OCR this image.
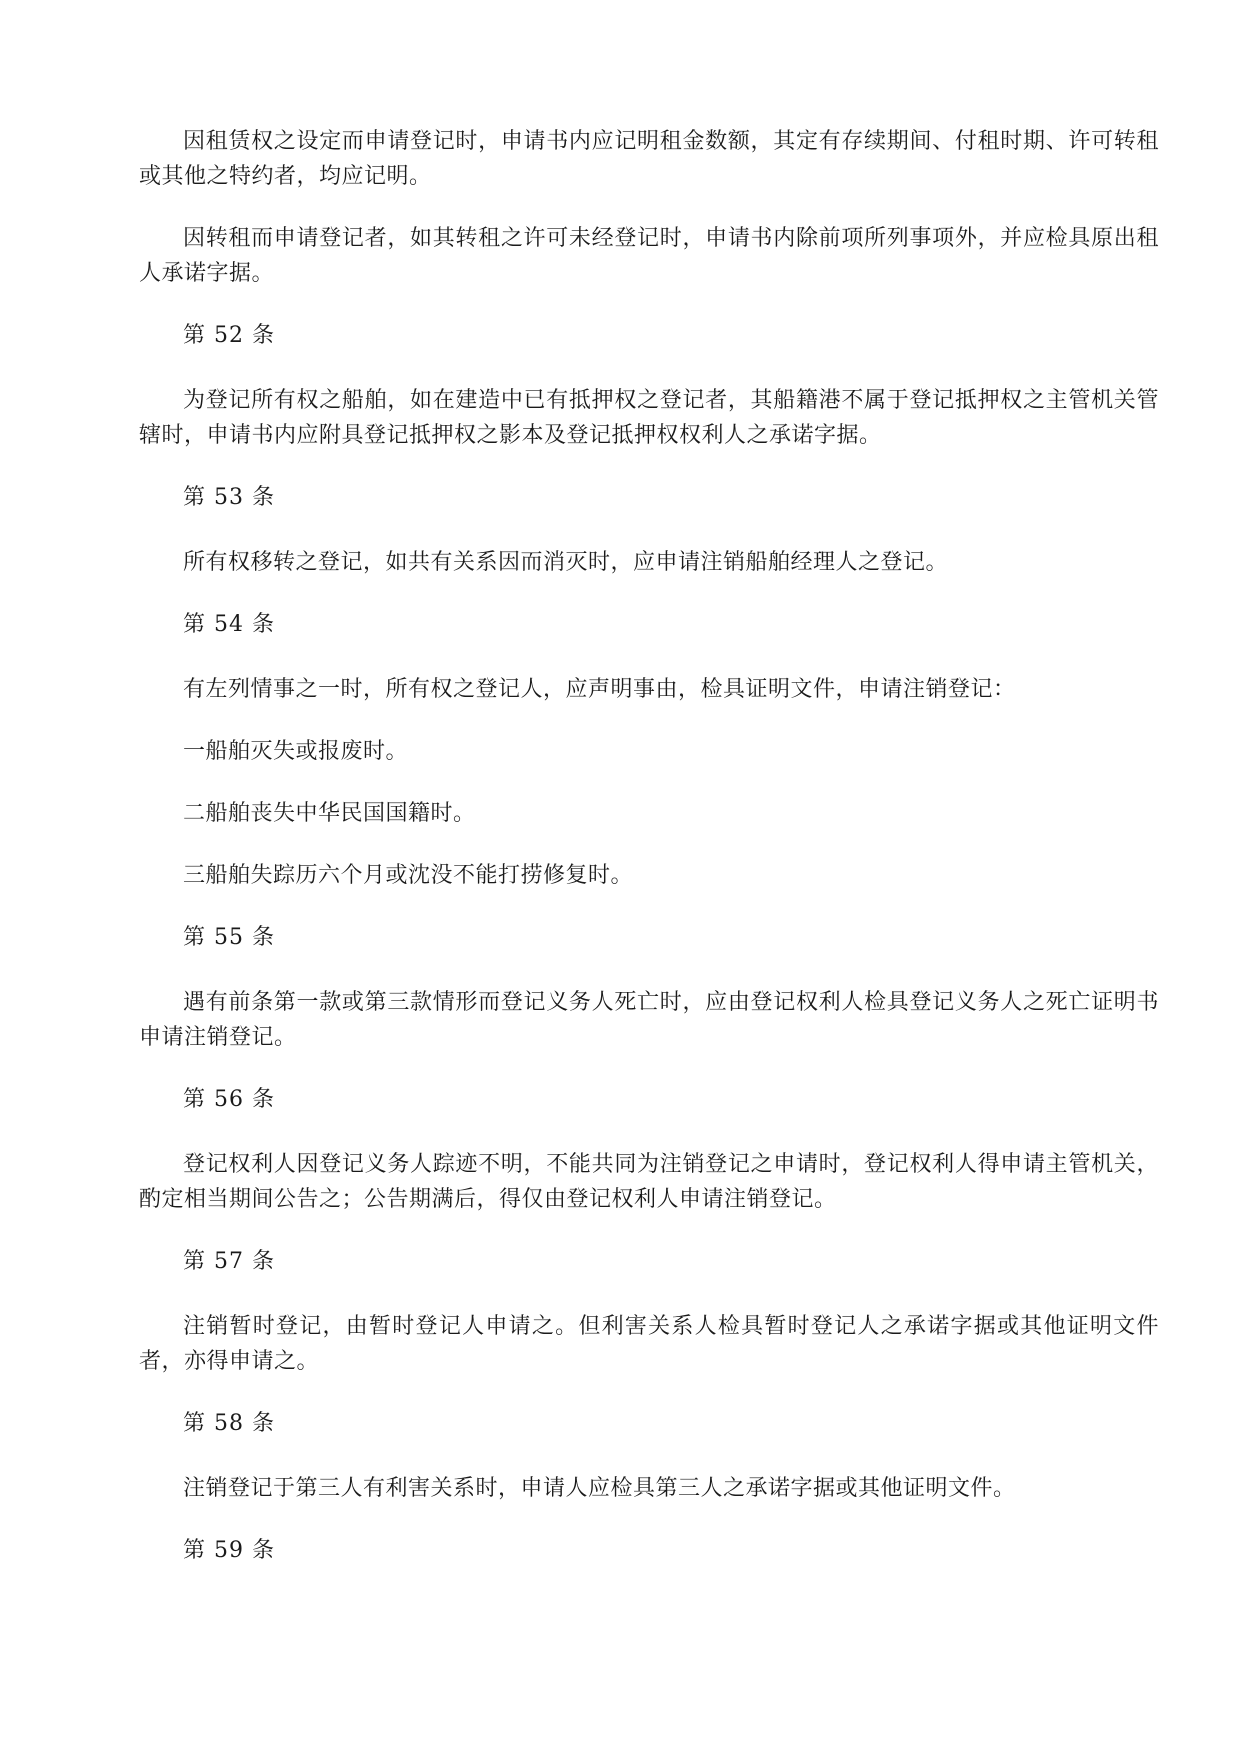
因租赁权之设定而申请登记时，申请书内应记明租金数额，其定有存续期间、付租时期、许可转租或其他之特约者，均应记明。

因转租而申请登记者，如其转租之许可未经登记时，申请书内除前项所列事项外，并应检具原出租人承诺字据。

第 52 条

为登记所有权之船舶，如在建造中已有抵押权之登记者，其船籍港不属于登记抵押权之主管机关管辖时，申请书内应附具登记抵押权之影本及登记抵押权权利人之承诺字据。

第 53 条

所有权移转之登记，如共有关系因而消灭时，应申请注销船舶经理人之登记。

第 54 条

有左列情事之一时，所有权之登记人，应声明事由，检具证明文件，申请注销登记：

一船舶灭失或报废时。

二船舶丧失中华民国国籍时。

三船舶失踪历六个月或沈没不能打捞修复时。

第 55 条

遇有前条第一款或第三款情形而登记义务人死亡时，应由登记权利人检具登记义务人之死亡证明书申请注销登记。

第 56 条

登记权利人因登记义务人踪迹不明，不能共同为注销登记之申请时，登记权利人得申请主管机关，酌定相当期间公告之；公告期满后，得仅由登记权利人申请注销登记。

第 57 条

注销暂时登记，由暂时登记人申请之。但利害关系人检具暂时登记人之承诺字据或其他证明文件者，亦得申请之。

第 58 条

注销登记于第三人有利害关系时，申请人应检具第三人之承诺字据或其他证明文件。

第 59 条
